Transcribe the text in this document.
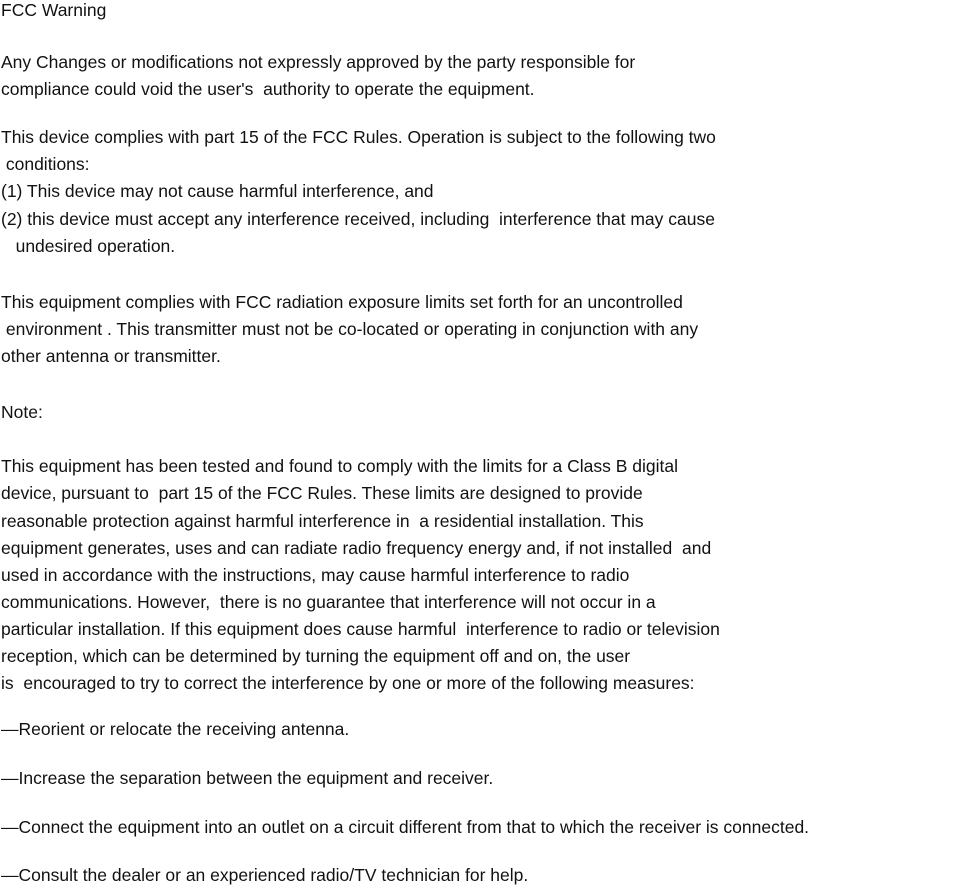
FCC Warning

Any Changes or modifications not expressly approved by the party responsible for

compliance could void the user's  authority to operate the equipment.

This device complies with part 15 of the FCC Rules. Operation is subject to the following two

conditions:

(1) This device may not cause harmful interference, and

(2) this device must accept any interference received, including  interference that may cause

undesired operation.

This equipment complies with FCC radiation exposure limits set forth for an uncontrolled

environment . This transmitter must not be co-located or operating in conjunction with any

other antenna or transmitter.

Note:

This equipment has been tested and found to comply with the limits for a Class B digital

device, pursuant to  part 15 of the FCC Rules. These limits are designed to provide

reasonable protection against harmful interference in  a residential installation. This

equipment generates, uses and can radiate radio frequency energy and, if not installed  and

used in accordance with the instructions, may cause harmful interference to radio

communications. However,  there is no guarantee that interference will not occur in a

particular installation. If this equipment does cause harmful  interference to radio or television

reception, which can be determined by turning the equipment off and on, the user

is  encouraged to try to correct the interference by one or more of the following measures:

—Reorient or relocate the receiving antenna.

—Increase the separation between the equipment and receiver.

—Connect the equipment into an outlet on a circuit different from that to which the receiver is connected.

—Consult the dealer or an experienced radio/TV technician for help.
